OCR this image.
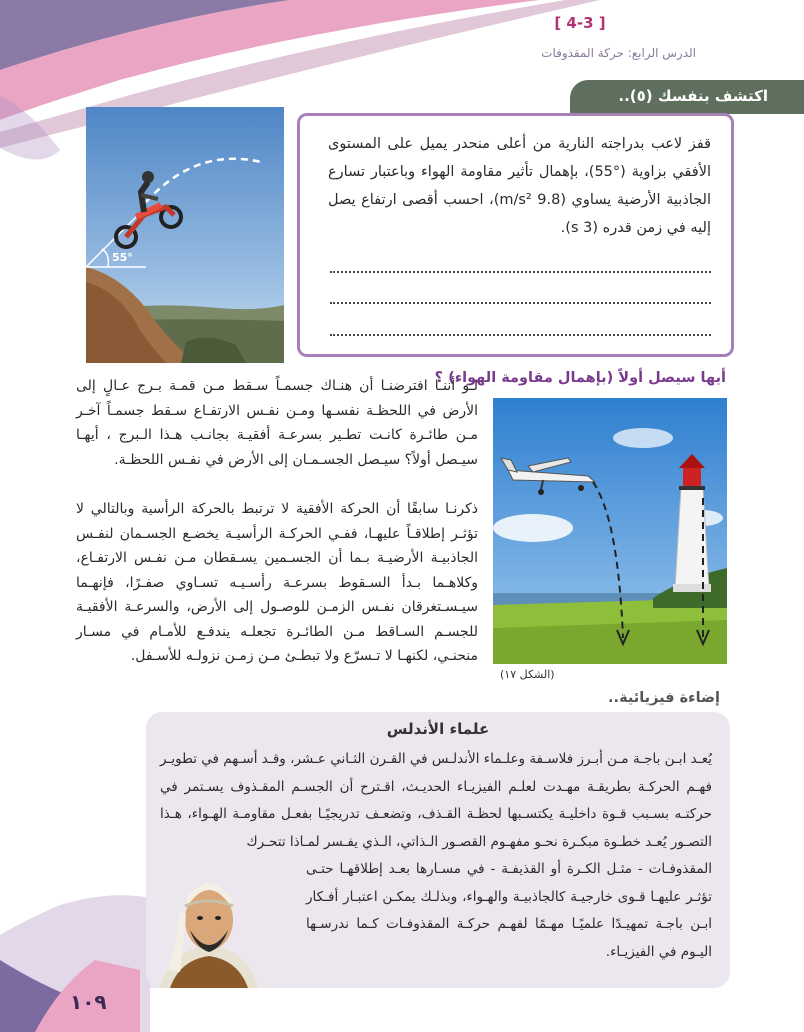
[ 4-3 ]
الدرس الرابع: حركة المقذوفات
اكتشف بنفسك (٥)..
55°
قفز لاعب بدراجته النارية من أعلى منحدر يميل على المستوى الأفقي بزاوية (°55)، بإهمال تأثير مقاومة الهواء وباعتبار تسارع الجاذبية الأرضية يساوي (m/s² 9.8)، احسب أقصى ارتفاع يصل إليه في زمن قدره (s 3).
أيها سيصل أولاً (بإهمال مقاومة الهواء) ؟
لـو أننـا افترضنـا أن هنـاك جسمـاً سـقط مـن قمـة بـرج عـالٍ إلى الأرض في اللحظـة نفسـها ومـن نفـس الارتفـاع سـقط جسمـاً آخـر مـن طائـرة كانـت تطـير بسرعـة أفقيـة بجانـب هـذا الـبرج ، أيهـا سيـصل أولاً؟ سيـصل الجسـمـان إلى الأرض في نفـس اللحظـة.
ذكرنـا سابقًا أن الحركة الأفقية لا ترتبط بالحركة الرأسية وبالتالي لا تؤثـر إطلاقـاً عليهـا، ففـي الحركـة الرأسيـة يخضـع الجسـمان لنفـس الجاذبيـة الأرضيـة بـما أن الجسـمين يسـقطان مـن نفـس الارتفـاع، وكلاهـما بـدأ السـقوط بسرعـة رأسـيـه تسـاوي صفـرًا، فإنهـما سيـسـتغرقان نفـس الزمـن للوصـول إلى الأرض، والسرعـة الأفقيـة للجسـم السـاقط مـن الطائـرة تجعلـه يندفـع للأمـام في مسـار منحنـي، لكنهـا لا تـسرّع ولا تبطـئ مـن زمـن نزولـه للأسـفل.
(الشكل ١٧)
إضاءة فيزيائية..
علماء الأندلس
يُعـد ابـن باجـة مـن أبـرز فلاسـفة وعلـماء الأندلـس في القـرن الثـاني عـشر، وقـد أسـهم في تطويـر فهـم الحركـة بطريقـة مهـدت لعلـم الفيزيـاء الحديـث، اقـترح أن الجسـم المقـذوف يسـتمر في حركتـه بسـبب قـوة داخليـة يكتسـبها لحظـة القـذف، وتضعـف تدريجيًـا بفعـل مقاومـة الهـواء، هـذا التصـور يُعـد خطـوة مبكـرة نحـو مفهـوم القصـور الـذاتي، الـذي يفـسر لمـاذا تتحـرك
المقذوفـات - مثـل الكـرة أو القذيفـة - في مسـارها بعـد إطلاقهـا حتـى تؤثـر عليهـا قـوى خارجيـة كالجاذبيـة والهـواء، وبذلـك يمكـن اعتبـار أفـكار ابـن باجـة تمهيـدًا علميًـا مهـمًا لفهـم حركـة المقذوفـات كـما ندرسـها اليـوم في الفيزيـاء.
١٠٩
